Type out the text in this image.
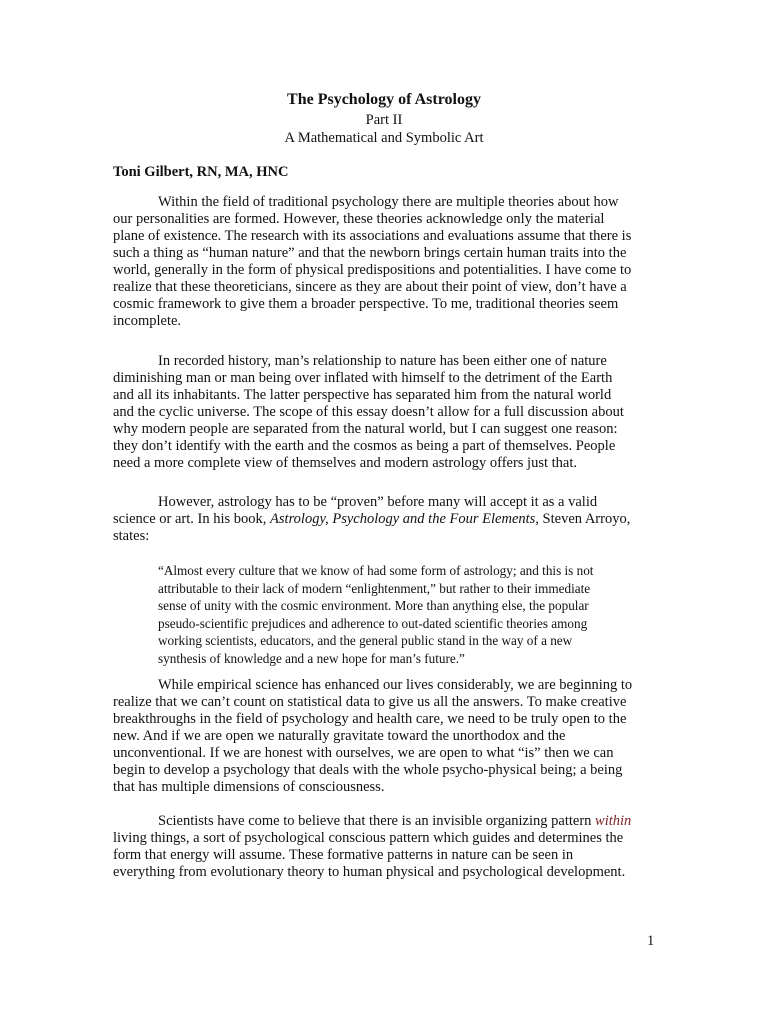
The Psychology of Astrology
Part II
A Mathematical and Symbolic Art
Toni Gilbert, RN, MA, HNC
Within the field of traditional psychology there are multiple theories about how
our personalities are formed. However, these theories acknowledge only the material
plane of existence. The research with its associations and evaluations assume that there is
such a thing as “human nature” and that the newborn brings certain human traits into the
world, generally in the form of physical predispositions and potentialities. I have come to
realize that these theoreticians, sincere as they are about their point of view, don’t have a
cosmic framework to give them a broader perspective. To me, traditional theories seem
incomplete.
In recorded history, man’s relationship to nature has been either one of nature
diminishing man or man being over inflated with himself to the detriment of the Earth
and all its inhabitants. The latter perspective has separated him from the natural world
and the cyclic universe. The scope of this essay doesn’t allow for a full discussion about
why modern people are separated from the natural world, but I can suggest one reason:
they don’t identify with the earth and the cosmos as being a part of themselves. People
need a more complete view of themselves and modern astrology offers just that.
However, astrology has to be “proven” before many will accept it as a valid
science or art. In his book, Astrology, Psychology and the Four Elements, Steven Arroyo,
states:
“Almost every culture that we know of had some form of astrology; and this is not
attributable to their lack of modern “enlightenment,” but rather to their immediate
sense of unity with the cosmic environment. More than anything else, the popular
pseudo-scientific prejudices and adherence to out-dated scientific theories among
working scientists, educators, and the general public stand in the way of a new
synthesis of knowledge and a new hope for man’s future.”
While empirical science has enhanced our lives considerably, we are beginning to
realize that we can’t count on statistical data to give us all the answers. To make creative
breakthroughs in the field of psychology and health care, we need to be truly open to the
new. And if we are open we naturally gravitate toward the unorthodox and the
unconventional. If we are honest with ourselves, we are open to what “is” then we can
begin to develop a psychology that deals with the whole psycho-physical being; a being
that has multiple dimensions of consciousness.
Scientists have come to believe that there is an invisible organizing pattern within
living things, a sort of psychological conscious pattern which guides and determines the
form that energy will assume. These formative patterns in nature can be seen in
everything from evolutionary theory to human physical and psychological development.
1
